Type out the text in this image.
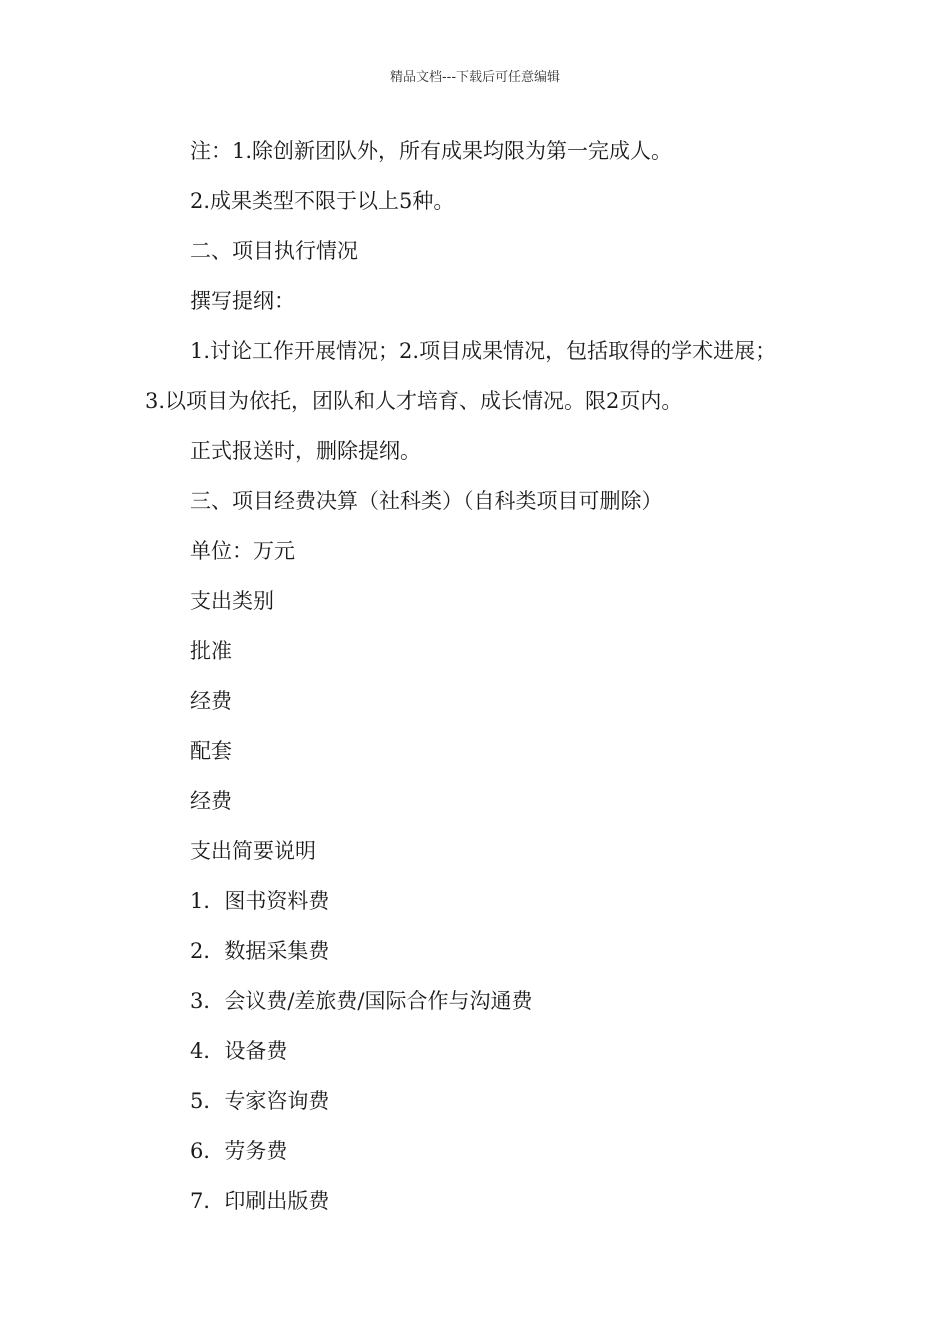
精品文档---下载后可任意编辑
注：1.除创新团队外，所有成果均限为第一完成人。
2.成果类型不限于以上5种。
二、项目执行情况
撰写提纲：
1.讨论工作开展情况；2.项目成果情况，包括取得的学术进展；
3.以项目为依托，团队和人才培育、成长情况。限2页内。
正式报送时，删除提纲。
三、项目经费决算（社科类）（自科类项目可删除）
单位：万元
支出类别
批准
经费
配套
经费
支出简要说明
1．图书资料费
2．数据采集费
3．会议费/差旅费/国际合作与沟通费
4．设备费
5．专家咨询费
6．劳务费
7．印刷出版费
